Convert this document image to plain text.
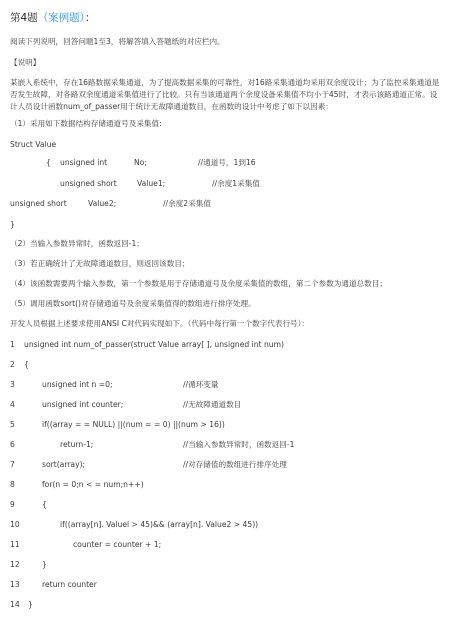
第4题（案例题）：
阅读下列说明，回答问题1至3，将解答填入答题纸的对应栏内。
【说明】
某嵌入系统中，存在16路数据采集通道，为了提高数据采集的可靠性，对16路采集通道均采用双余度设计；为了监控采集通道是
否发生故障，对各路双余度通道采集值进行了比较。只有当该通道两个余度设备采集值不均小于45时，才表示该路通道正常。设
计人员设计函数num_of_passer用于统计无故障通道数目，在函数的设计中考虑了如下以因素：
（1）采用如下数据结构存储通道号及采集值:
Struct Value
{ unsigned int	No;	//通道号，1到16
unsigned short	Value1;	//余度1采集值
unsigned short	Value2;	//余度2采集值
}
（2）当输入参数异常时，函数返回-1；
（3）若正确统计了无故障通道数目，则返回该数目；
（4）该函数需要两个输入参数，第一个参数是用于存储通道号及余度采集值的数组，第二个参数为通道总数目；
（5）调用函数sort()对存储通道号及余度采集值得的数组进行排序处理。
开发人员根据上述要求使用ANSI C对代码实现如下。（代码中每行第一个数字代表行号）：
1 unsigned int num_of_passer(struct Value array[ ], unsigned int num)
2 {
3	unsigned int n =0;	//循环变量
4	unsigned int counter;	//无故障通道数目
5	if((array = = NULL) ||(num = = 0) ||(num > 16))
6	return-1;	//当输入参数异常时，函数返回-1
7	sort(array);	//对存储值的数组进行排序处理
8	for(n = 0;n < = num;n++)
9	{
10	if((array[n]. Valuel > 45)&& (array[n]. Value2 > 45))
11	counter = counter + 1;
12	}
13	return counter
14 }
